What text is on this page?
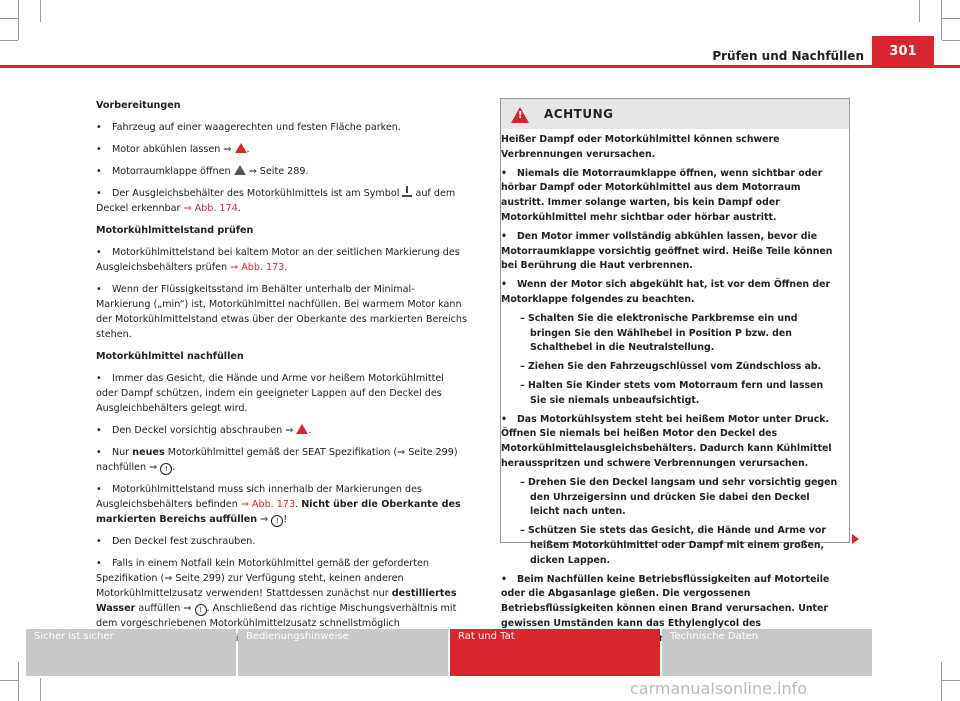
Prüfen und Nachfüllen	301

Vorbereitungen

• Fahrzeug auf einer waagerechten und festen Fläche parken.

• Motor abkühlen lassen ⇒ .

• Motorraumklappe öffnen  ⇒ Seite 289.

• Der Ausgleichsbehälter des Motorkühlmittels ist am Symbol  auf dem Deckel erkennbar ⇒ Abb. 174.

Motorkühlmittelstand prüfen

• Motorkühlmittelstand bei kaltem Motor an der seitlichen Markierung des Ausgleichsbehälters prüfen ⇒ Abb. 173.

• Wenn der Flüssigkeitsstand im Behälter unterhalb der Minimal-Markierung („min“) ist, Motorkühlmittel nachfüllen. Bei warmem Motor kann der Motorkühlmittelstand etwas über der Oberkante des markierten Bereichs stehen.

Motorkühlmittel nachfüllen

• Immer das Gesicht, die Hände und Arme vor heißem Motorkühlmittel oder Dampf schützen, indem ein geeigneter Lappen auf den Deckel des Ausgleichbehälters gelegt wird.

• Den Deckel vorsichtig abschrauben ⇒ .

• Nur neues Motorkühlmittel gemäß der SEAT Spezifikation (⇒ Seite 299) nachfüllen ⇒ ! .

• Motorkühlmittelstand muss sich innerhalb der Markierungen des Ausgleichsbehälters befinden ⇒ Abb. 173. Nicht über die Oberkante des markierten Bereichs auffüllen ⇒ ! !

• Den Deckel fest zuschrauben.

• Falls in einem Notfall kein Motorkühlmittel gemäß der geforderten Spezifikation (⇒ Seite 299) zur Verfügung steht, keinen anderen Motorkühlmittelzusatz verwenden! Stattdessen zunächst nur destilliertes Wasser auffüllen ⇒ ! . Anschließend das richtige Mischungsverhältnis mit dem vorgeschriebenen Motorkühlmittelzusatz schnellstmöglich

! ACHTUNG

Heißer Dampf oder Motorkühlmittel können schwere Verbrennungen verursachen.

• Niemals die Motorraumklappe öffnen, wenn sichtbar oder hörbar Dampf oder Motorkühlmittel aus dem Motorraum austritt. Immer solange warten, bis kein Dampf oder Motorkühlmittel mehr sichtbar oder hörbar austritt.

• Den Motor immer vollständig abkühlen lassen, bevor die Motorraumklappe vorsichtig geöffnet wird. Heiße Teile können bei Berührung die Haut verbrennen.

• Wenn der Motor sich abgekühlt hat, ist vor dem Öffnen der Motorklappe folgendes zu beachten.

– Schalten Sie die elektronische Parkbremse ein und bringen Sie den Wählhebel in Position P bzw. den Schalthebel in die Neutralstellung.

– Ziehen Sie den Fahrzeugschlüssel vom Zündschloss ab.

– Halten Sie Kinder stets vom Motorraum fern und lassen Sie sie niemals unbeaufsichtigt.

• Das Motorkühlsystem steht bei heißem Motor unter Druck. Öffnen Sie niemals bei heißen Motor den Deckel des Motorkühlmittelausgleichsbehälters. Dadurch kann Kühlmittel herausspritzen und schwere Verbrennungen verursachen.

– Drehen Sie den Deckel langsam und sehr vorsichtig gegen den Uhrzeigersinn und drücken Sie dabei den Deckel leicht nach unten.

– Schützen Sie stets das Gesicht, die Hände und Arme vor heißem Motorkühlmittel oder Dampf mit einem großen, dicken Lappen.

• Beim Nachfüllen keine Betriebsflüssigkeiten auf Motorteile oder die Abgasanlage gießen. Die vergossenen Betriebsflüssigkeiten können einen Brand verursachen. Unter gewissen Umständen kann das Ethylenglycol des

Sicher ist sicher	Bedienungshinweise	Rat und Tat	Technische Daten
carmanualsonline.info
